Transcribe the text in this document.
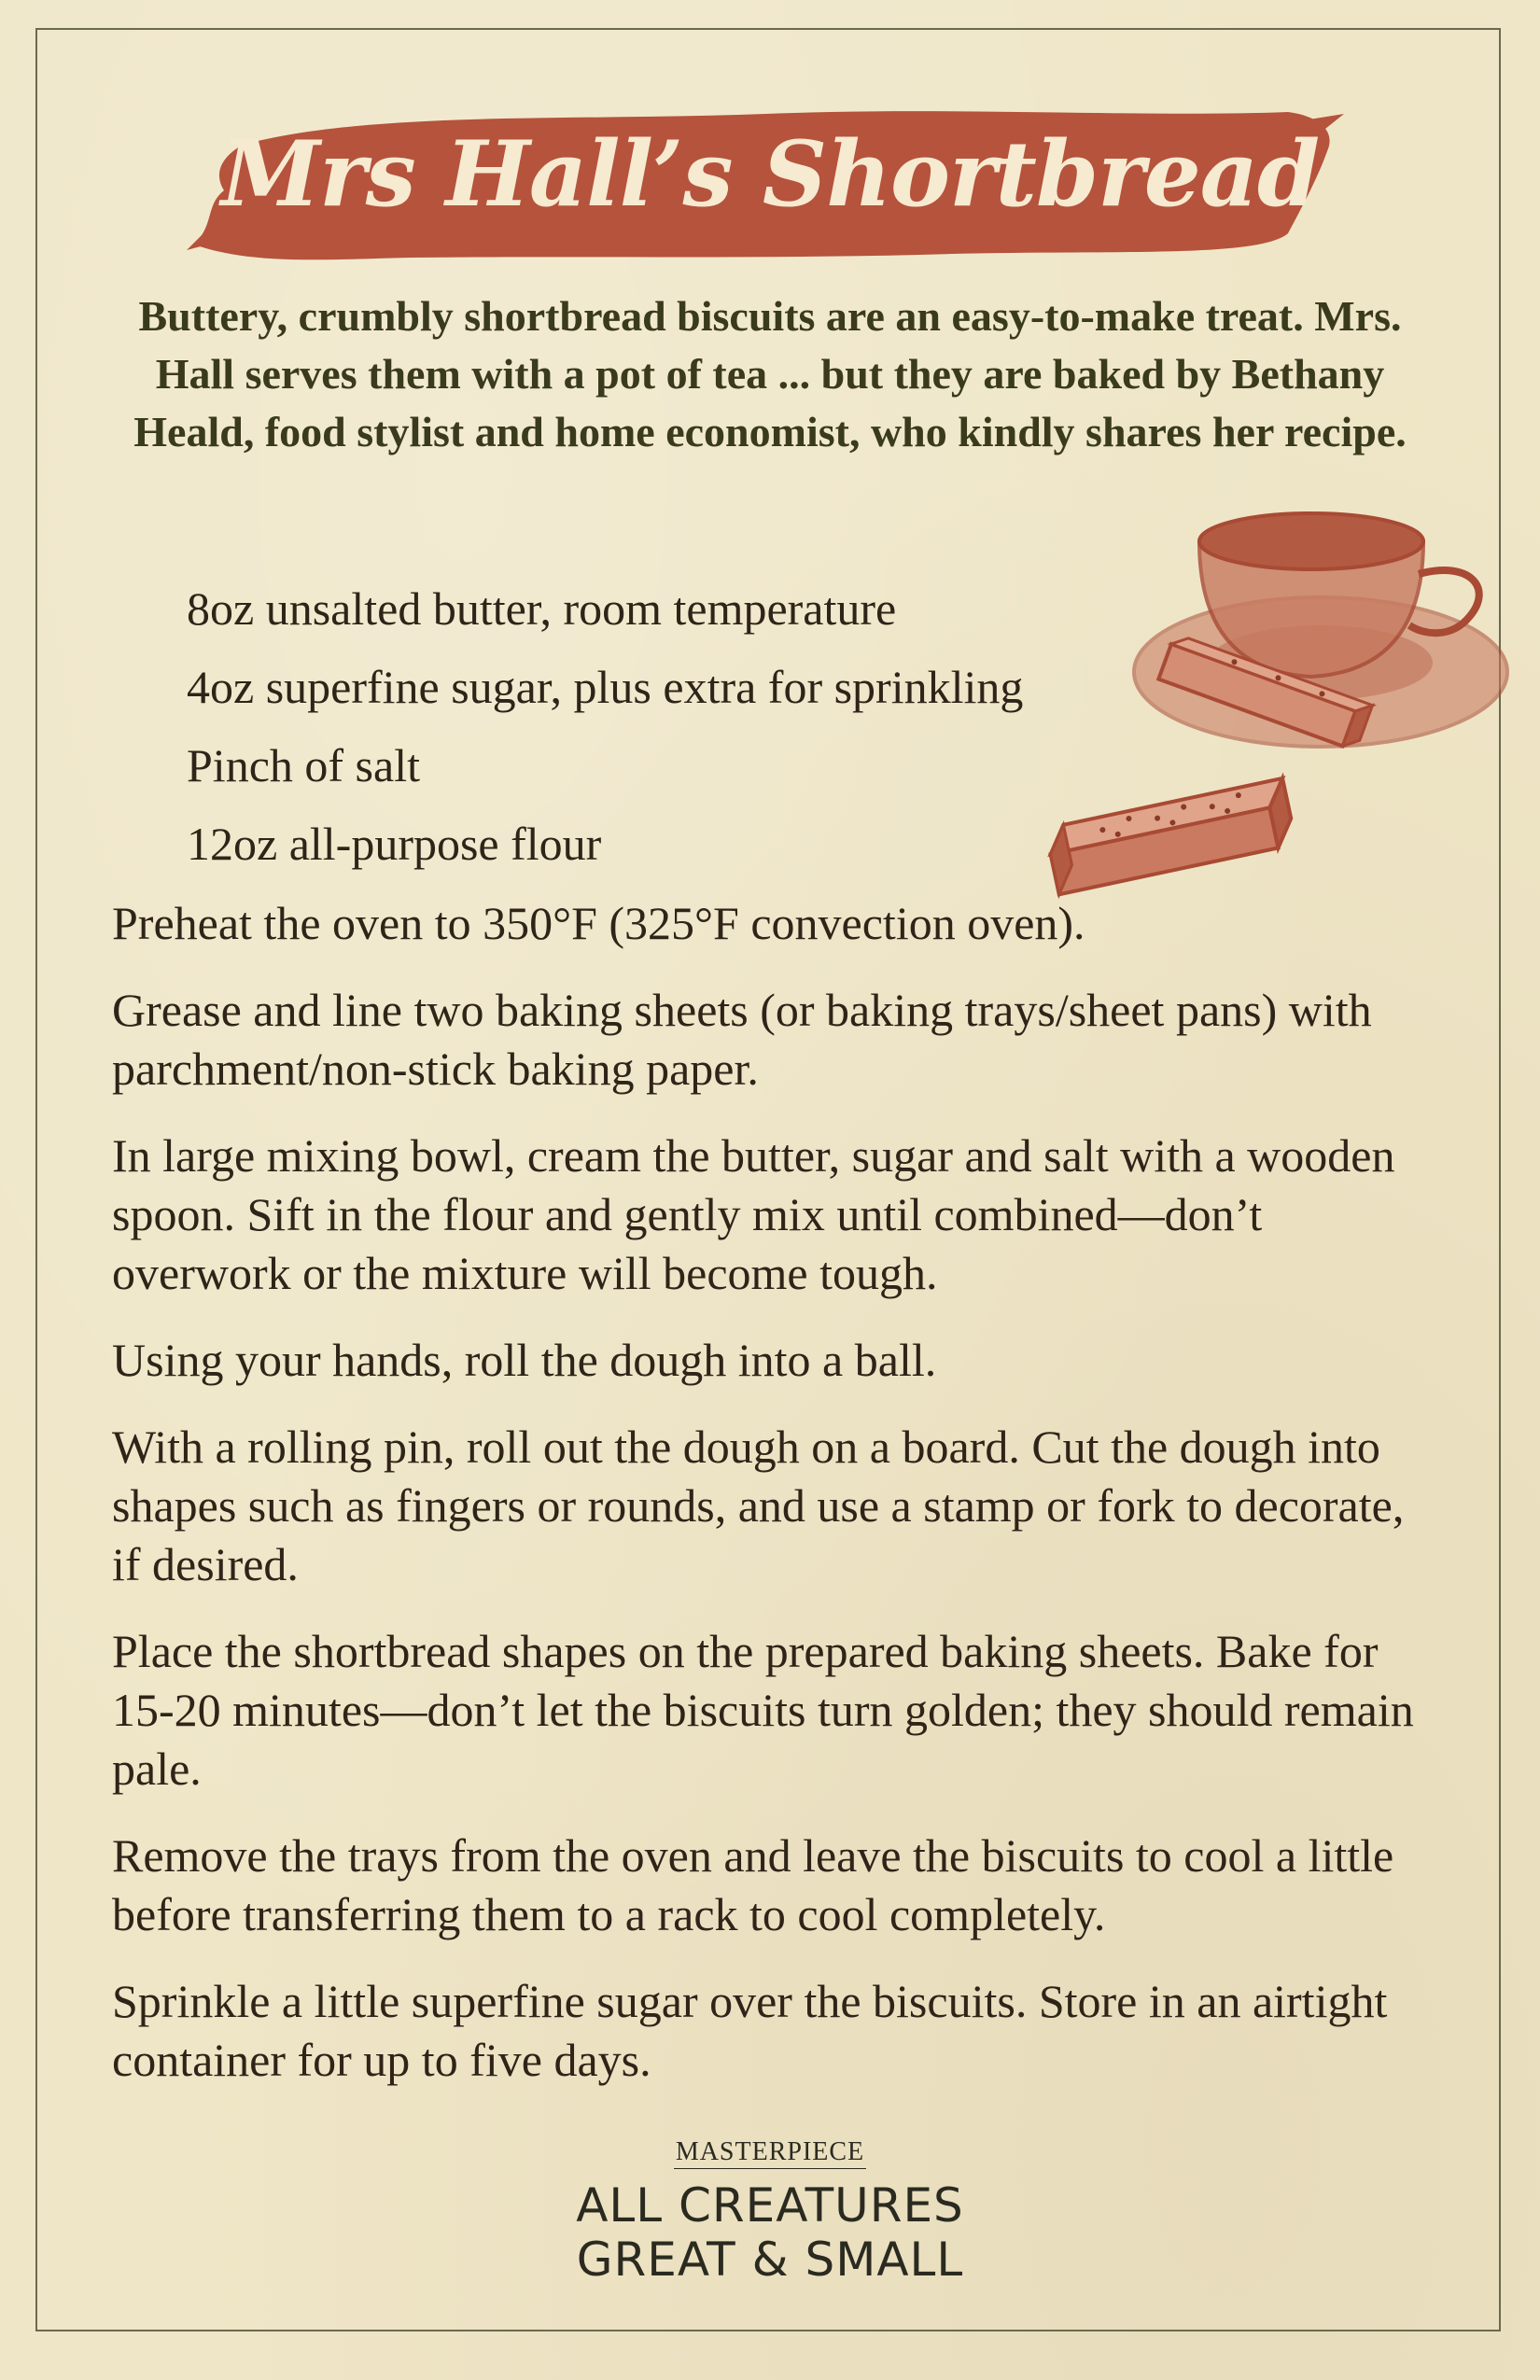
Mrs Hall’s Shortbread
Buttery, crumbly shortbread biscuits are an easy-to-make treat. Mrs. Hall serves them with a pot of tea ... but they are baked by Bethany Heald, food stylist and home economist, who kindly shares her recipe.
8oz unsalted butter, room temperature
4oz superfine sugar, plus extra for sprinkling
Pinch of salt
12oz all-purpose flour

Preheat the oven to 350°F (325°F convection oven).

Grease and line two baking sheets (or baking trays/sheet pans) with parchment/non-stick baking paper.

In large mixing bowl, cream the butter, sugar and salt with a wooden spoon. Sift in the flour and gently mix until combined—don’t overwork or the mixture will become tough.

Using your hands, roll the dough into a ball.

With a rolling pin, roll out the dough on a board. Cut the dough into shapes such as fingers or rounds, and use a stamp or fork to decorate, if desired.

Place the shortbread shapes on the prepared baking sheets. Bake for 15-20 minutes—don’t let the biscuits turn golden; they should remain pale.

Remove the trays from the oven and leave the biscuits to cool a little before transferring them to a rack to cool completely.

Sprinkle a little superfine sugar over the biscuits. Store in an airtight container for up to five days.

MASTERPIECE
ALL CREATURES
GREAT & SMALL
